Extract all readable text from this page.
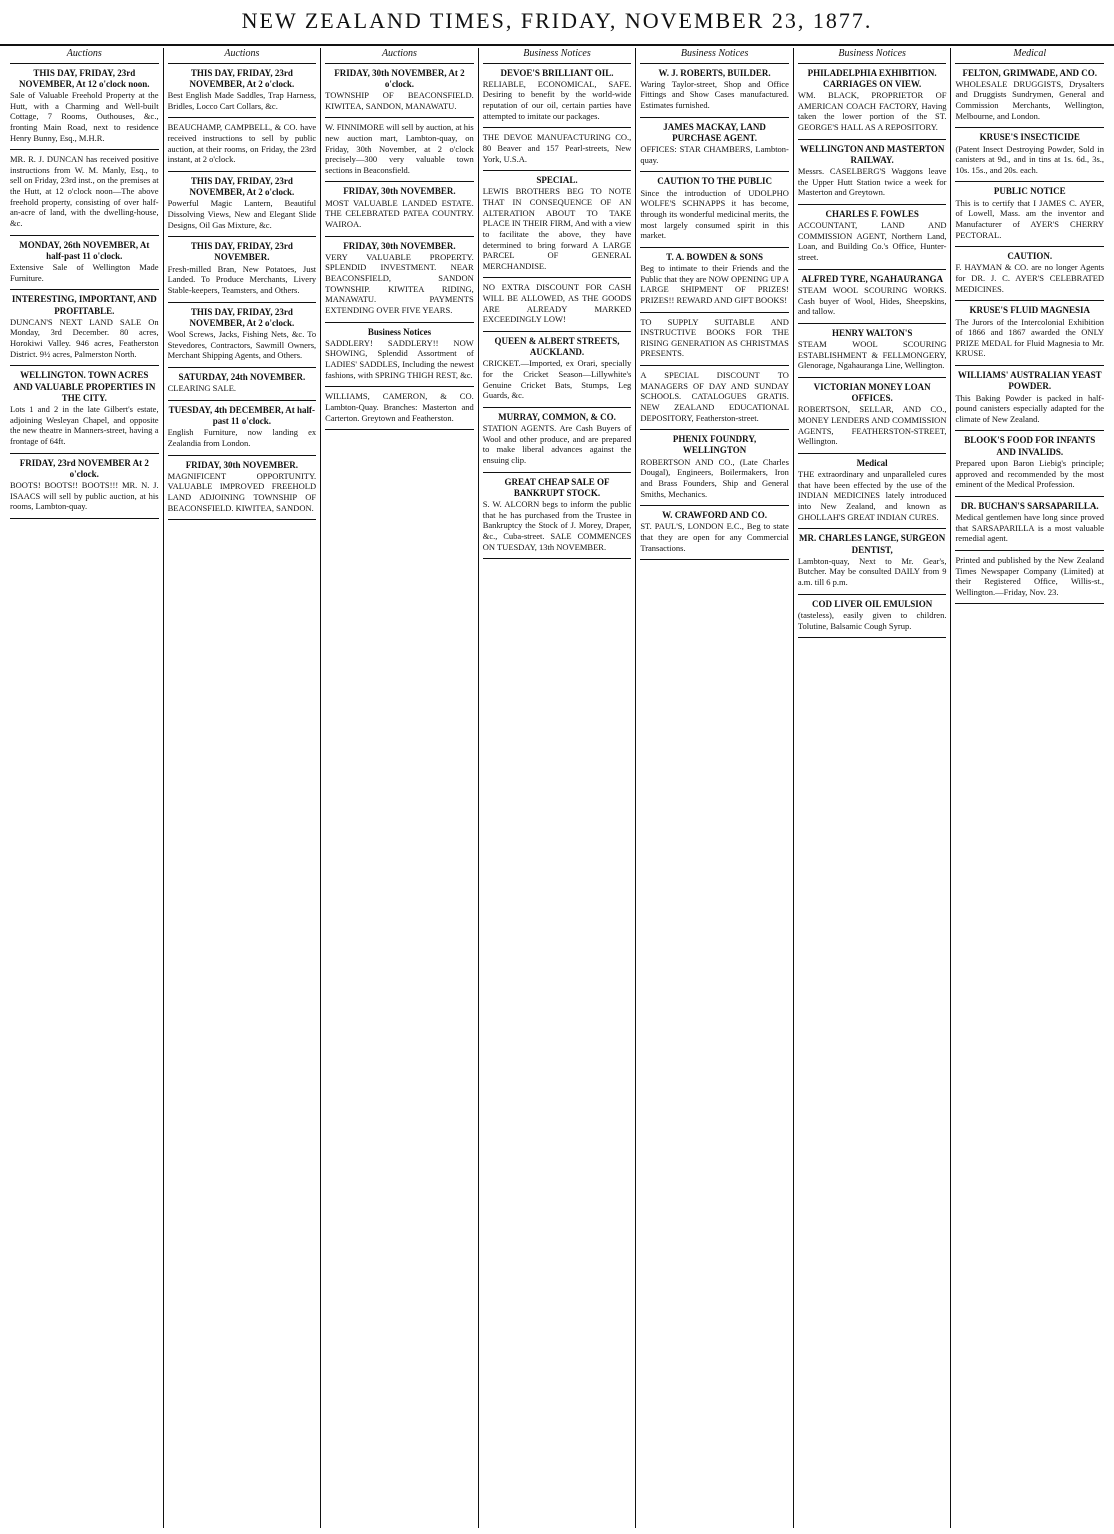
NEW ZEALAND TIMES, FRIDAY, NOVEMBER 23, 1877.
Auctions
THIS DAY, FRIDAY, 23rd NOVEMBER, At 12 o'clock noon.
Sale of Valuable Freehold Property at the Hutt, with a Charming and Well-built Cottage, 7 Rooms, Outhouses, &c., fronting Main Road, next to residence Henry Bunny, Esq., M.H.R.
MR. R. J. DUNCAN has received positive instructions from W. M. Manly, Esq., to sell on Friday, 23rd inst., on the premises at the Hutt, at 12 o'clock noon—The above freehold property, consisting of over half-an-acre of land, with the dwelling-house, &c.
MONDAY, 26th NOVEMBER, At half-past 11 o'clock.
Extensive Sale of Wellington Made Furniture.
INTERESTING, IMPORTANT, AND PROFITABLE.
DUNCAN'S NEXT LAND SALE On Monday, 3rd December. 80 acres, Horokiwi Valley. 946 acres, Featherston District. 9½ acres, Palmerston North.
WELLINGTON. TOWN ACRES AND VALUABLE PROPERTIES IN THE CITY.
Lots 1 and 2 in the late Gilbert's estate, adjoining Wesleyan Chapel, and opposite the new theatre in Manners-street, having a frontage of 64ft.
FRIDAY, 23rd NOVEMBER At 2 o'clock.
BOOTS! BOOTS!! BOOTS!!! MR. N. J. ISAACS will sell by public auction, at his rooms, Lambton-quay.
Auctions
THIS DAY, FRIDAY, 23rd NOVEMBER, At 2 o'clock.
Best English Made Saddles, Trap Harness, Bridles, Locco Cart Collars, &c.
BEAUCHAMP, CAMPBELL, & CO. have received instructions to sell by public auction, at their rooms, on Friday, the 23rd instant, at 2 o'clock.
THIS DAY, FRIDAY, 23rd NOVEMBER, At 2 o'clock.
Powerful Magic Lantern, Beautiful Dissolving Views, New and Elegant Slide Designs, Oil Gas Mixture, &c.
THIS DAY, FRIDAY, 23rd NOVEMBER.
Fresh-milled Bran, New Potatoes, Just Landed. To Produce Merchants, Livery Stable-keepers, Teamsters, and Others.
THIS DAY, FRIDAY, 23rd NOVEMBER, At 2 o'clock.
Wool Screws, Jacks, Fishing Nets, &c. To Stevedores, Contractors, Sawmill Owners, Merchant Shipping Agents, and Others.
SATURDAY, 24th NOVEMBER.
CLEARING SALE.
TUESDAY, 4th DECEMBER, At half-past 11 o'clock.
English Furniture, now landing ex Zealandia from London.
FRIDAY, 30th NOVEMBER.
MAGNIFICENT OPPORTUNITY. VALUABLE IMPROVED FREEHOLD LAND ADJOINING TOWNSHIP OF BEACONSFIELD. KIWITEA, SANDON.
Auctions
FRIDAY, 30th NOVEMBER, At 2 o'clock.
TOWNSHIP OF BEACONSFIELD. KIWITEA, SANDON, MANAWATU.
W. FINNIMORE will sell by auction, at his new auction mart, Lambton-quay, on Friday, 30th November, at 2 o'clock precisely—300 very valuable town sections in Beaconsfield.
FRIDAY, 30th NOVEMBER.
MOST VALUABLE LANDED ESTATE. THE CELEBRATED PATEA COUNTRY. WAIROA.
FRIDAY, 30th NOVEMBER.
VERY VALUABLE PROPERTY. SPLENDID INVESTMENT. NEAR BEACONSFIELD, SANDON TOWNSHIP. KIWITEA RIDING, MANAWATU. PAYMENTS EXTENDING OVER FIVE YEARS.
Business Notices
SADDLERY! SADDLERY!! NOW SHOWING, Splendid Assortment of LADIES' SADDLES, Including the newest fashions, with SPRING THIGH REST, &c.
WILLIAMS, CAMERON, & CO. Lambton-Quay. Branches: Masterton and Carterton. Greytown and Featherston.
Business Notices
DEVOE'S BRILLIANT OIL.
RELIABLE, ECONOMICAL, SAFE. Desiring to benefit by the world-wide reputation of our oil, certain parties have attempted to imitate our packages.
THE DEVOE MANUFACTURING CO., 80 Beaver and 157 Pearl-streets, New York, U.S.A.
SPECIAL.
LEWIS BROTHERS BEG TO NOTE THAT IN CONSEQUENCE OF AN ALTERATION ABOUT TO TAKE PLACE IN THEIR FIRM, And with a view to facilitate the above, they have determined to bring forward A LARGE PARCEL OF GENERAL MERCHANDISE.
NO EXTRA DISCOUNT FOR CASH WILL BE ALLOWED, AS THE GOODS ARE ALREADY MARKED EXCEEDINGLY LOW!
QUEEN & ALBERT STREETS, AUCKLAND.
CRICKET.—Imported, ex Orari, specially for the Cricket Season—Lillywhite's Genuine Cricket Bats, Stumps, Leg Guards, &c.
MURRAY, COMMON, & CO.
STATION AGENTS. Are Cash Buyers of Wool and other produce, and are prepared to make liberal advances against the ensuing clip.
GREAT CHEAP SALE OF BANKRUPT STOCK.
S. W. ALCORN begs to inform the public that he has purchased from the Trustee in Bankruptcy the Stock of J. Morey, Draper, &c., Cuba-street. SALE COMMENCES ON TUESDAY, 13th NOVEMBER.
Business Notices
W. J. ROBERTS, BUILDER.
Waring Taylor-street, Shop and Office Fittings and Show Cases manufactured. Estimates furnished.
JAMES MACKAY, LAND PURCHASE AGENT.
OFFICES: STAR CHAMBERS, Lambton-quay.
CAUTION TO THE PUBLIC
Since the introduction of UDOLPHO WOLFE'S SCHNAPPS it has become, through its wonderful medicinal merits, the most largely consumed spirit in this market.
T. A. BOWDEN & SONS
Beg to intimate to their Friends and the Public that they are NOW OPENING UP A LARGE SHIPMENT OF PRIZES! PRIZES!! REWARD AND GIFT BOOKS!
TO SUPPLY SUITABLE AND INSTRUCTIVE BOOKS FOR THE RISING GENERATION AS CHRISTMAS PRESENTS.
A SPECIAL DISCOUNT TO MANAGERS OF DAY AND SUNDAY SCHOOLS. CATALOGUES GRATIS. NEW ZEALAND EDUCATIONAL DEPOSITORY, Featherston-street.
PHENIX FOUNDRY, WELLINGTON
ROBERTSON AND CO., (Late Charles Dougal), Engineers, Boilermakers, Iron and Brass Founders, Ship and General Smiths, Mechanics.
W. CRAWFORD AND CO.
ST. PAUL'S, LONDON E.C., Beg to state that they are open for any Commercial Transactions.
Business Notices
PHILADELPHIA EXHIBITION. CARRIAGES ON VIEW.
WM. BLACK, PROPRIETOR OF AMERICAN COACH FACTORY, Having taken the lower portion of the ST. GEORGE'S HALL AS A REPOSITORY.
WELLINGTON AND MASTERTON RAILWAY.
Messrs. CASELBERG'S Waggons leave the Upper Hutt Station twice a week for Masterton and Greytown.
CHARLES F. FOWLES
ACCOUNTANT, LAND AND COMMISSION AGENT, Northern Land, Loan, and Building Co.'s Office, Hunter-street.
ALFRED TYRE, NGAHAURANGA
STEAM WOOL SCOURING WORKS. Cash buyer of Wool, Hides, Sheepskins, and tallow.
HENRY WALTON'S
STEAM WOOL SCOURING ESTABLISHMENT & FELLMONGERY, Glenorage, Ngahauranga Line, Wellington.
VICTORIAN MONEY LOAN OFFICES.
ROBERTSON, SELLAR, AND CO., MONEY LENDERS AND COMMISSION AGENTS, FEATHERSTON-STREET, Wellington.
Medical
THE extraordinary and unparalleled cures that have been effected by the use of the INDIAN MEDICINES lately introduced into New Zealand, and known as GHOLLAH'S GREAT INDIAN CURES.
MR. CHARLES LANGE, SURGEON DENTIST,
Lambton-quay, Next to Mr. Gear's, Butcher. May be consulted DAILY from 9 a.m. till 6 p.m.
COD LIVER OIL EMULSION
(tasteless), easily given to children. Tolutine, Balsamic Cough Syrup.
Medical
FELTON, GRIMWADE, AND CO.
WHOLESALE DRUGGISTS, Drysalters and Druggists Sundrymen, General and Commission Merchants, Wellington, Melbourne, and London.
KRUSE'S INSECTICIDE
(Patent Insect Destroying Powder, Sold in canisters at 9d., and in tins at 1s. 6d., 3s., 10s. 15s., and 20s. each.
PUBLIC NOTICE
This is to certify that I JAMES C. AYER, of Lowell, Mass. am the inventor and Manufacturer of AYER'S CHERRY PECTORAL.
CAUTION.
F. HAYMAN & CO. are no longer Agents for DR. J. C. AYER'S CELEBRATED MEDICINES.
KRUSE'S FLUID MAGNESIA
The Jurors of the Intercolonial Exhibition of 1866 and 1867 awarded the ONLY PRIZE MEDAL for Fluid Magnesia to Mr. KRUSE.
WILLIAMS' AUSTRALIAN YEAST POWDER.
This Baking Powder is packed in half-pound canisters especially adapted for the climate of New Zealand.
BLOOK'S FOOD FOR INFANTS AND INVALIDS.
Prepared upon Baron Liebig's principle; approved and recommended by the most eminent of the Medical Profession.
DR. BUCHAN'S SARSAPARILLA.
Medical gentlemen have long since proved that SARSAPARILLA is a most valuable remedial agent.
Printed and published by the New Zealand Times Newspaper Company (Limited) at their Registered Office, Willis-st., Wellington.—Friday, Nov. 23.
